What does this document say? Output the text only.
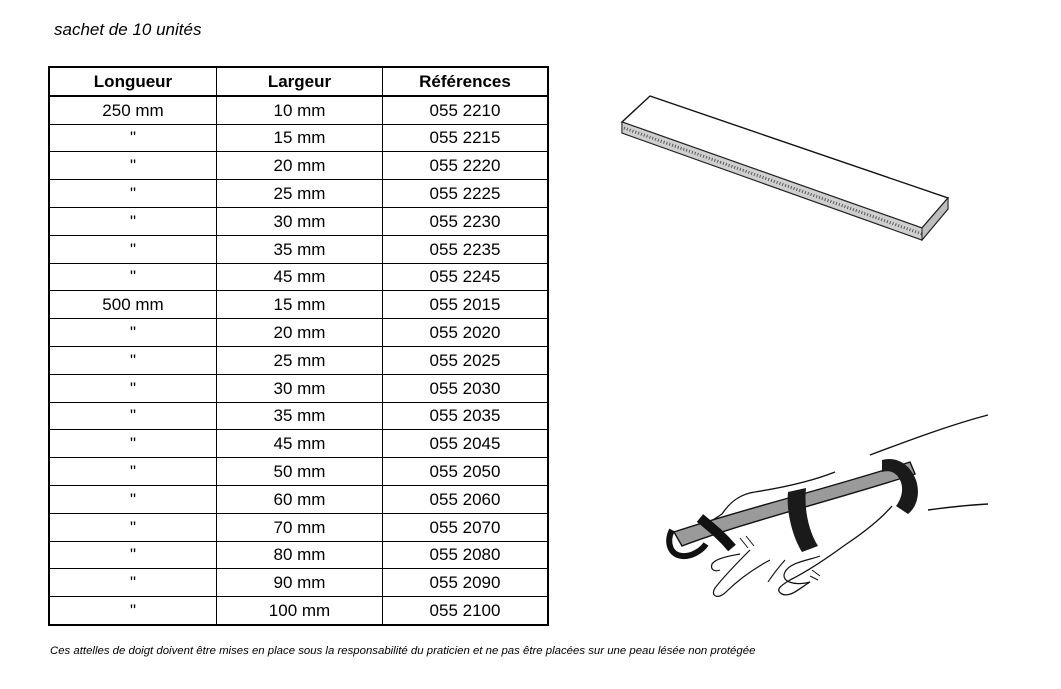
sachet de 10 unités
Longueur	Largeur	Références
250 mm	10 mm	055 2210
"	15 mm	055 2215
"	20 mm	055 2220
"	25 mm	055 2225
"	30 mm	055 2230
"	35 mm	055 2235
"	45 mm	055 2245
500 mm	15 mm	055 2015
"	20 mm	055 2020
"	25 mm	055 2025
"	30 mm	055 2030
"	35 mm	055 2035
"	45 mm	055 2045
"	50 mm	055 2050
"	60 mm	055 2060
"	70 mm	055 2070
"	80 mm	055 2080
"	90 mm	055 2090
"	100 mm	055 2100
Ces attelles de doigt doivent être mises en place sous la responsabilité du praticien et ne pas être placées sur une peau lésée non protégée
